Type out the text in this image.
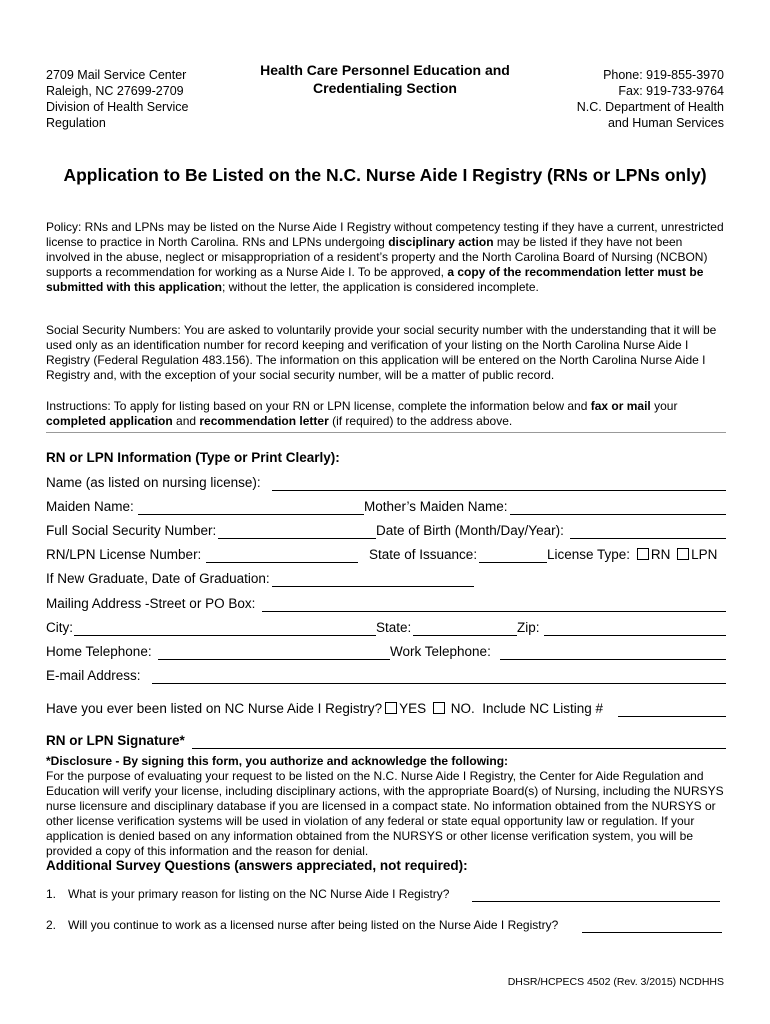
2709 Mail Service Center
Raleigh, NC 27699-2709
Division of Health Service
Regulation
Health Care Personnel Education and
Credentialing Section
Phone: 919-855-3970
Fax: 919-733-9764
N.C. Department of Health
and Human Services
Application to Be Listed on the N.C. Nurse Aide I Registry (RNs or LPNs only)
Policy: RNs and LPNs may be listed on the Nurse Aide I Registry without competency testing if they have a current, unrestricted license to practice in North Carolina. RNs and LPNs undergoing disciplinary action may be listed if they have not been involved in the abuse, neglect or misappropriation of a resident’s property and the North Carolina Board of Nursing (NCBON) supports a recommendation for working as a Nurse Aide I. To be approved, a copy of the recommendation letter must be submitted with this application; without the letter, the application is considered incomplete.
Social Security Numbers: You are asked to voluntarily provide your social security number with the understanding that it will be used only as an identification number for record keeping and verification of your listing on the North Carolina Nurse Aide I Registry (Federal Regulation 483.156). The information on this application will be entered on the North Carolina Nurse Aide I Registry and, with the exception of your social security number, will be a matter of public record.
Instructions: To apply for listing based on your RN or LPN license, complete the information below and fax or mail your completed application and recommendation letter (if required) to the address above.
RN or LPN Information (Type or Print Clearly):
Name (as listed on nursing license):
Maiden Name:	Mother’s Maiden Name:
Full Social Security Number:	Date of Birth (Month/Day/Year):
RN/LPN License Number:	State of Issuance:	License Type: RN LPN
If New Graduate, Date of Graduation:
Mailing Address -Street or PO Box:
City:	State:	Zip:
Home Telephone:	Work Telephone:
E-mail Address:
Have you ever been listed on NC Nurse Aide I Registry? YES NO. Include NC Listing #
RN or LPN Signature*
*Disclosure - By signing this form, you authorize and acknowledge the following:
For the purpose of evaluating your request to be listed on the N.C. Nurse Aide I Registry, the Center for Aide Regulation and Education will verify your license, including disciplinary actions, with the appropriate Board(s) of Nursing, including the NURSYS nurse licensure and disciplinary database if you are licensed in a compact state. No information obtained from the NURSYS or other license verification systems will be used in violation of any federal or state equal opportunity law or regulation. If your application is denied based on any information obtained from the NURSYS or other license verification system, you will be provided a copy of this information and the reason for denial.
Additional Survey Questions (answers appreciated, not required):
1. What is your primary reason for listing on the NC Nurse Aide I Registry?
2. Will you continue to work as a licensed nurse after being listed on the Nurse Aide I Registry?
DHSR/HCPECS 4502 (Rev. 3/2015) NCDHHS
